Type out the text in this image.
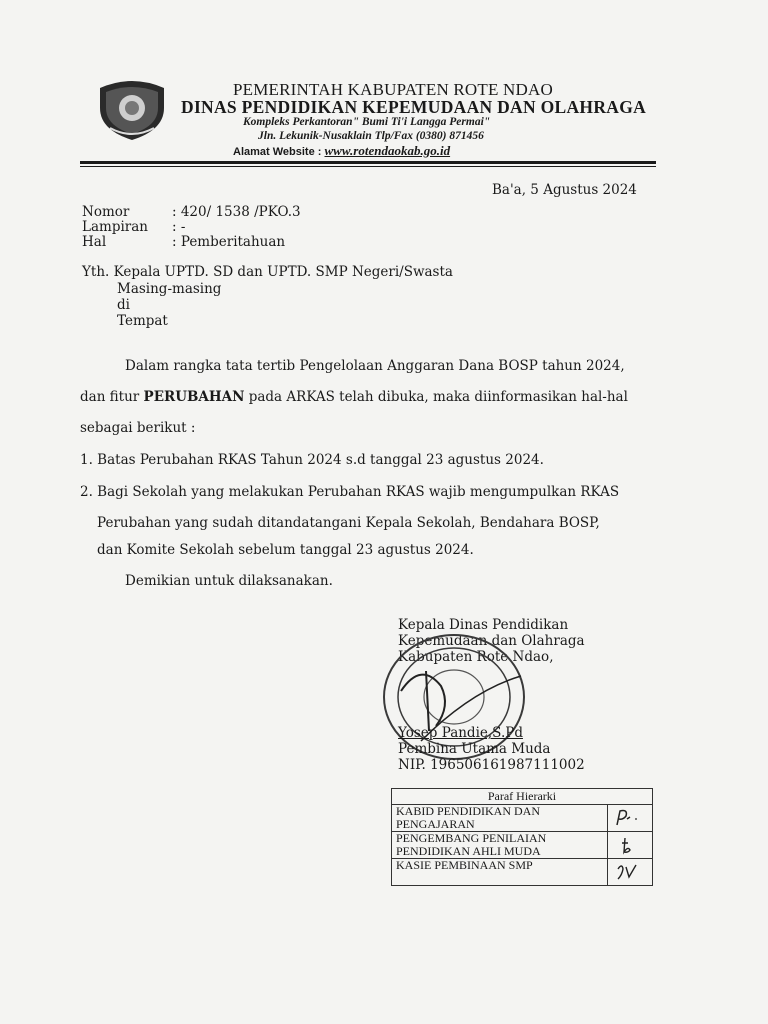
PEMERINTAH KABUPATEN ROTE NDAO
DINAS PENDIDIKAN KEPEMUDAAN DAN OLAHRAGA
Kompleks Perkantoran" Bumi Ti'i Langga Permai"
Jln. Lekunik-Nusaklain Tlp/Fax (0380) 871456
Alamat Website : www.rotendaokab.go.id
Ba'a, 5 Agustus 2024
Nomor	: 420/ 1538 /PKO.3
Lampiran : -
Hal	: Pemberitahuan
Yth. Kepala UPTD. SD dan UPTD. SMP Negeri/Swasta
Masing-masing
di
Tempat
Dalam rangka tata tertib Pengelolaan Anggaran Dana BOSP tahun 2024,
dan fitur PERUBAHAN pada ARKAS telah dibuka, maka diinformasikan hal-hal
sebagai berikut :
1. Batas Perubahan RKAS Tahun 2024 s.d tanggal 23 agustus 2024.
2. Bagi Sekolah yang melakukan Perubahan RKAS wajib mengumpulkan RKAS
Perubahan yang sudah ditandatangani Kepala Sekolah, Bendahara BOSP,
dan Komite Sekolah sebelum tanggal 23 agustus 2024.
Demikian untuk dilaksanakan.
Kepala Dinas Pendidikan
Kepemudaan dan Olahraga
Kabupaten Rote Ndao,
Yosep Pandie,S.Pd
Pembina Utama Muda
NIP. 196506161987111002
Paraf Hierarki	

KABID PENDIDIKAN DAN
PENGAJARAN

PENGEMBANG PENILAIAN
PENDIDIKAN AHLI MUDA

KASIE PEMBINAAN SMP
